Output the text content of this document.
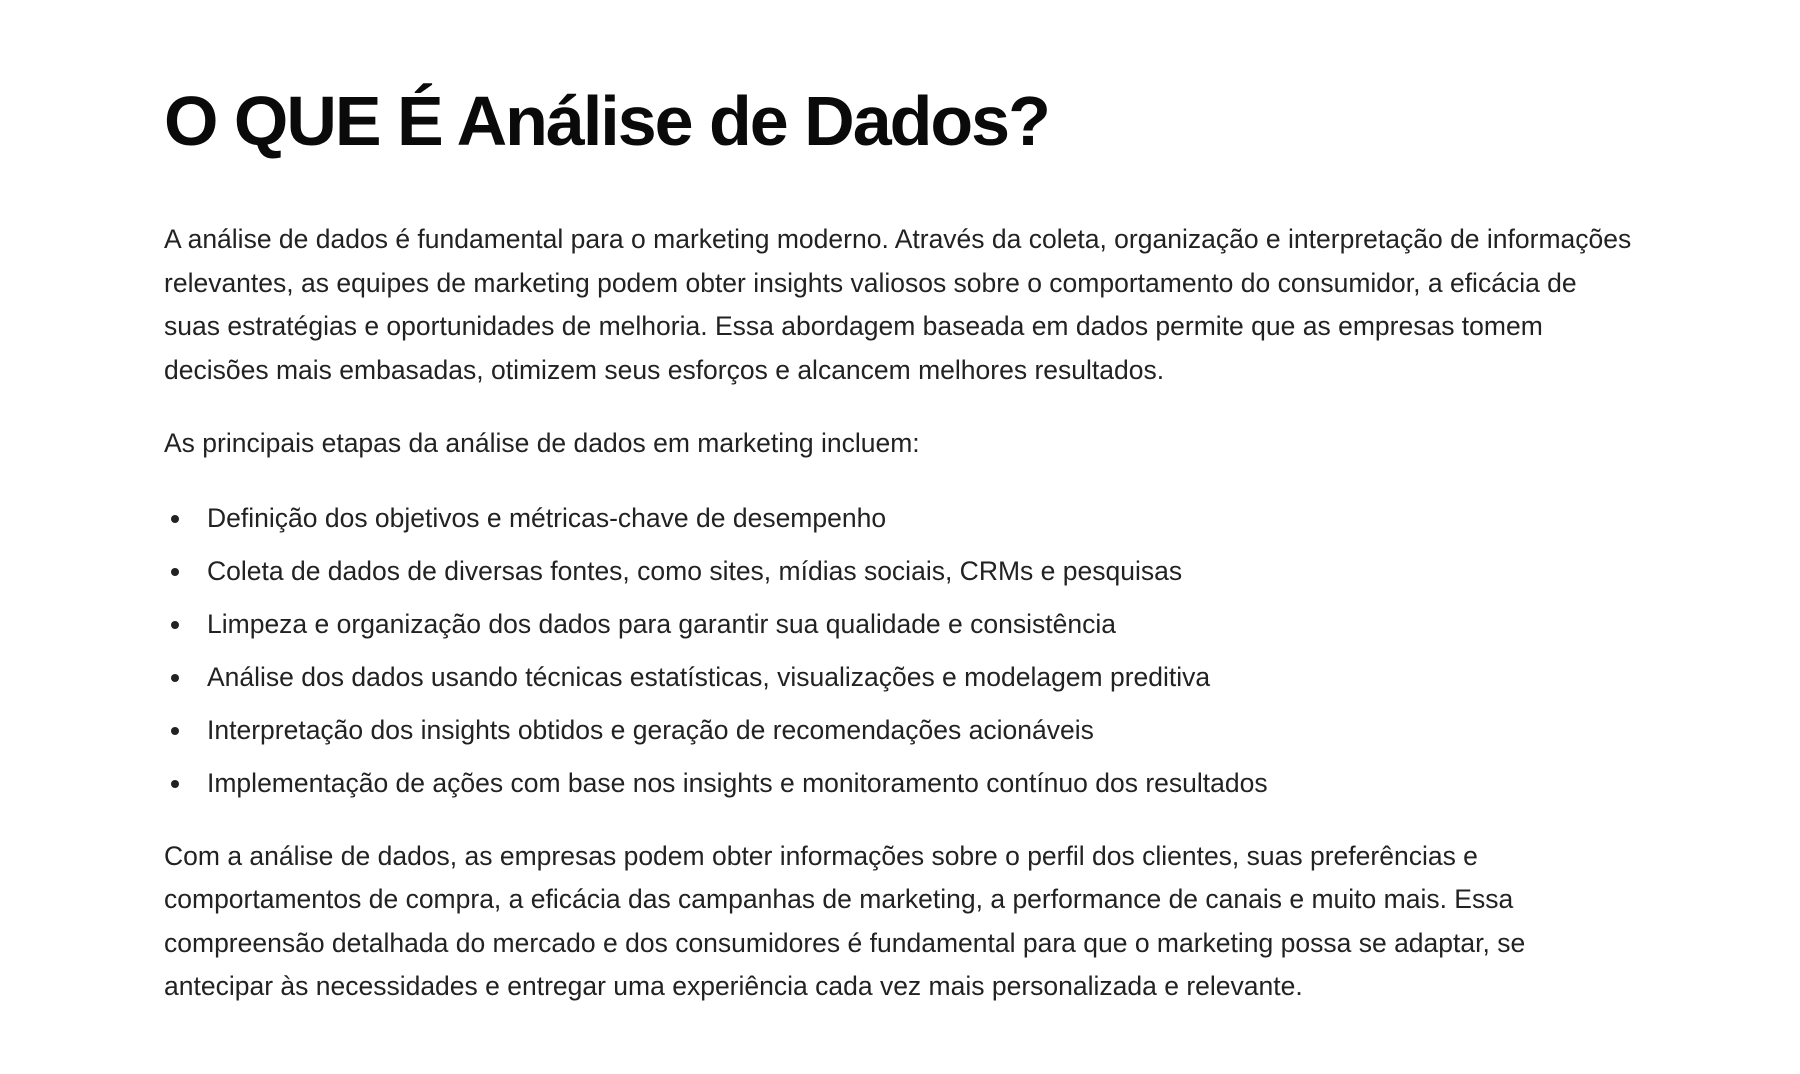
O QUE É Análise de Dados?

A análise de dados é fundamental para o marketing moderno. Através da coleta, organização e interpretação de informações relevantes, as equipes de marketing podem obter insights valiosos sobre o comportamento do consumidor, a eficácia de suas estratégias e oportunidades de melhoria. Essa abordagem baseada em dados permite que as empresas tomem decisões mais embasadas, otimizem seus esforços e alcancem melhores resultados.

As principais etapas da análise de dados em marketing incluem:

Definição dos objetivos e métricas-chave de desempenho
Coleta de dados de diversas fontes, como sites, mídias sociais, CRMs e pesquisas
Limpeza e organização dos dados para garantir sua qualidade e consistência
Análise dos dados usando técnicas estatísticas, visualizações e modelagem preditiva
Interpretação dos insights obtidos e geração de recomendações acionáveis
Implementação de ações com base nos insights e monitoramento contínuo dos resultados

Com a análise de dados, as empresas podem obter informações sobre o perfil dos clientes, suas preferências e comportamentos de compra, a eficácia das campanhas de marketing, a performance de canais e muito mais. Essa compreensão detalhada do mercado e dos consumidores é fundamental para que o marketing possa se adaptar, se antecipar às necessidades e entregar uma experiência cada vez mais personalizada e relevante.
